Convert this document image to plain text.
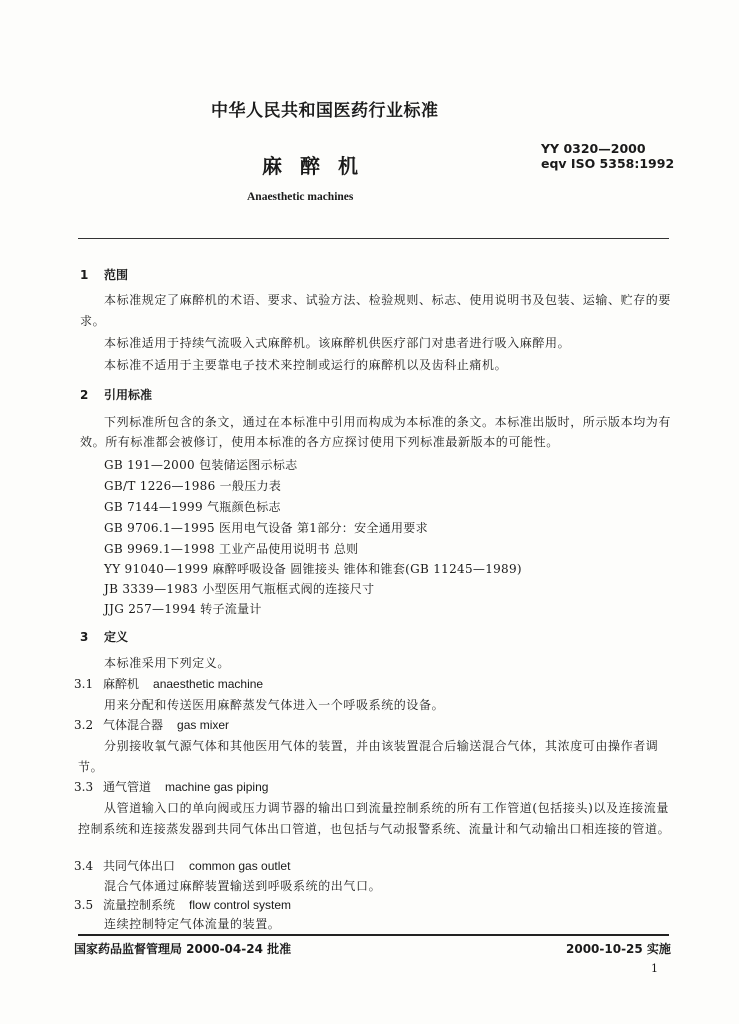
中华人民共和国医药行业标准
YY 0320—2000
eqv ISO 5358:1992
麻醉机
Anaesthetic machines
1 范围
本标准规定了麻醉机的术语、要求、试验方法、检验规则、标志、使用说明书及包装、运输、贮存的要求。
本标准适用于持续气流吸入式麻醉机。该麻醉机供医疗部门对患者进行吸入麻醉用。
本标准不适用于主要靠电子技术来控制或运行的麻醉机以及齿科止痛机。
2 引用标准
下列标准所包含的条文，通过在本标准中引用而构成为本标准的条文。本标准出版时，所示版本均为有效。所有标准都会被修订，使用本标准的各方应探讨使用下列标准最新版本的可能性。
GB 191—2000 包装储运图示标志
GB/T 1226—1986 一般压力表
GB 7144—1999 气瓶颜色标志
GB 9706.1—1995 医用电气设备 第1部分：安全通用要求
GB 9969.1—1998 工业产品使用说明书 总则
YY 91040—1999 麻醉呼吸设备 圆锥接头 锥体和锥套(GB 11245—1989)
JB 3339—1983 小型医用气瓶框式阀的连接尺寸
JJG 257—1994 转子流量计
3 定义
本标准采用下列定义。
3.1 麻醉机 anaesthetic machine
用来分配和传送医用麻醉蒸发气体进入一个呼吸系统的设备。
3.2 气体混合器 gas mixer
分别接收氧气源气体和其他医用气体的装置，并由该装置混合后输送混合气体，其浓度可由操作者调节。
3.3 通气管道 machine gas piping
从管道输入口的单向阀或压力调节器的输出口到流量控制系统的所有工作管道(包括接头)以及连接流量控制系统和连接蒸发器到共同气体出口管道，也包括与气动报警系统、流量计和气动输出口相连接的管道。
3.4 共同气体出口 common gas outlet
混合气体通过麻醉装置输送到呼吸系统的出气口。
3.5 流量控制系统 flow control system
连续控制特定气体流量的装置。
国家药品监督管理局 2000-04-24 批准	2000-10-25 实施
1
